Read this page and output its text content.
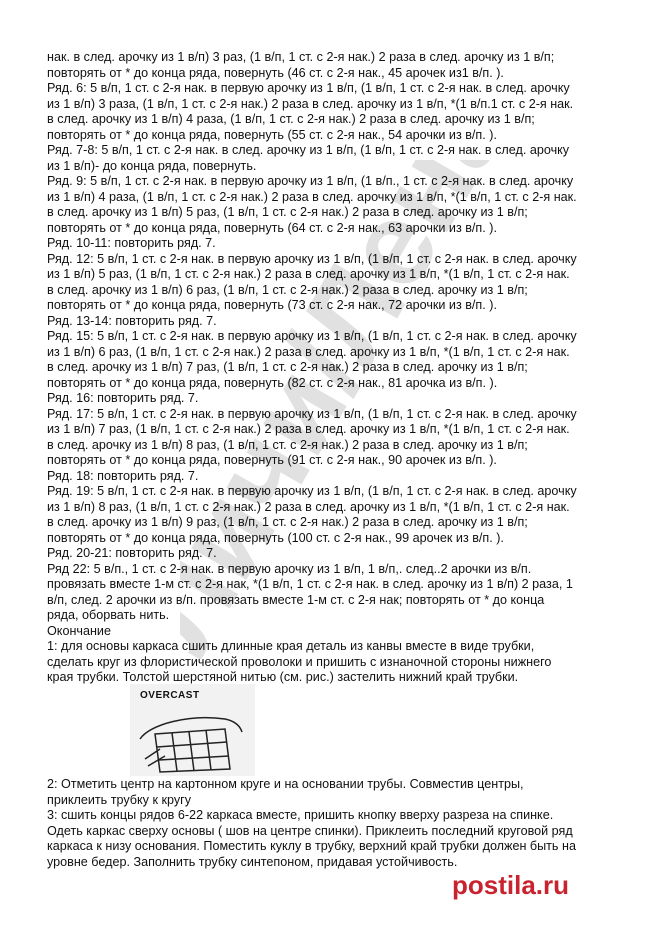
Личи/Лена

нак. в след. арочку из 1 в/п) 3 раз, (1 в/п, 1 ст. с 2-я нак.) 2 раза в след. арочку из 1 в/п;

повторять от * до конца ряда, повернуть (46 ст. с 2-я нак., 45 арочек из1 в/п. ).

Ряд. 6: 5 в/п, 1 ст. с 2-я нак. в первую арочку из 1 в/п, (1 в/п, 1 ст. с 2-я нак. в след. арочку

из 1 в/п) 3 раза, (1 в/п, 1 ст. с 2-я нак.) 2 раза в след. арочку из 1 в/п, *(1 в/п.1 ст. с 2-я нак.

в след. арочку из 1 в/п) 4 раза, (1 в/п, 1 ст. с 2-я нак.) 2 раза в след. арочку из 1 в/п;

повторять от * до конца ряда, повернуть (55 ст. с 2-я нак., 54 арочки из в/п. ).

Ряд. 7-8: 5 в/п, 1 ст. с 2-я нак. в след. арочку из 1 в/п, (1 в/п, 1 ст. с 2-я нак. в след. арочку

из 1 в/п)- до конца ряда, повернуть.

Ряд. 9: 5 в/п, 1 ст. с 2-я нак. в первую арочку из 1 в/п, (1 в/п., 1 ст. с 2-я нак. в след. арочку

из 1 в/п) 4 раза, (1 в/п, 1 ст. с 2-я нак.) 2 раза в след. арочку из 1 в/п, *(1 в/п, 1 ст. с 2-я нак.

в след. арочку из 1 в/п) 5 раз, (1 в/п, 1 ст. с 2-я нак.) 2 раза в след. арочку из 1 в/п;

повторять от * до конца ряда, повернуть (64 ст. с 2-я нак., 63 арочки из в/п. ).

Ряд. 10-11: повторить ряд. 7.

Ряд. 12: 5 в/п, 1 ст. с 2-я нак. в первую арочку из 1 в/п, (1 в/п, 1 ст. с 2-я нак. в след. арочку

из 1 в/п) 5 раз, (1 в/п, 1 ст. с 2-я нак.) 2 раза в след. арочку из 1 в/п, *(1 в/п, 1 ст. с 2-я нак.

в след. арочку из 1 в/п) 6 раз, (1 в/п, 1 ст. с 2-я нак.) 2 раза в след. арочку из 1 в/п;

повторять от * до конца ряда, повернуть (73 ст. с 2-я нак., 72 арочки из в/п. ).

Ряд. 13-14: повторить ряд. 7.

Ряд. 15: 5 в/п, 1 ст. с 2-я нак. в первую арочку из 1 в/п, (1 в/п, 1 ст. с 2-я нак. в след. арочку

из 1 в/п) 6 раз, (1 в/п, 1 ст. с 2-я нак.) 2 раза в след. арочку из 1 в/п, *(1 в/п, 1 ст. с 2-я нак.

в след. арочку из 1 в/п) 7 раз, (1 в/п, 1 ст. с 2-я нак.) 2 раза в след. арочку из 1 в/п;

повторять от * до конца ряда, повернуть (82 ст. с 2-я нак., 81 арочка из в/п. ).

Ряд. 16: повторить ряд. 7.

Ряд. 17: 5 в/п, 1 ст. с 2-я нак. в первую арочку из 1 в/п, (1 в/п, 1 ст. с 2-я нак. в след. арочку

из 1 в/п) 7 раз, (1 в/п, 1 ст. с 2-я нак.) 2 раза в след. арочку из 1 в/п, *(1 в/п, 1 ст. с 2-я нак.

в след. арочку из 1 в/п) 8 раз, (1 в/п, 1 ст. с 2-я нак.) 2 раза в след. арочку из 1 в/п;

повторять от * до конца ряда, повернуть (91 ст. с 2-я нак., 90 арочек из в/п. ).

Ряд. 18: повторить ряд. 7.

Ряд. 19: 5 в/п, 1 ст. с 2-я нак. в первую арочку из 1 в/п, (1 в/п, 1 ст. с 2-я нак. в след. арочку

из 1 в/п) 8 раз, (1 в/п, 1 ст. с 2-я нак.) 2 раза в след. арочку из 1 в/п, *(1 в/п, 1 ст. с 2-я нак.

в след. арочку из 1 в/п) 9 раз, (1 в/п, 1 ст. с 2-я нак.) 2 раза в след. арочку из 1 в/п;

повторять от * до конца ряда, повернуть (100 ст. с 2-я нак., 99 арочек из в/п. ).

Ряд. 20-21: повторить ряд. 7.

Ряд 22: 5 в/п., 1 ст. с 2-я нак. в первую арочку из 1 в/п, 1 в/п,. след..2 арочки из в/п.

провязать вместе 1-м ст. с 2-я нак, *(1 в/п, 1 ст. с 2-я нак. в след. арочку из 1 в/п) 2 раза, 1

в/п, след. 2 арочки из в/п. провязать вместе 1-м ст. с 2-я нак; повторять от * до конца

ряда, оборвать нить.

Окончание

1: для основы каркаса сшить длинные края деталь из канвы вместе в виде трубки,

сделать круг из флористической проволоки и пришить с изнаночной стороны нижнего

края трубки. Толстой шерстяной нитью (см. рис.) застелить нижний край трубки.

OVERCAST

2: Отметить центр на картонном круге и на основании трубы. Совместив центры,

приклеить трубку к кругу

3: сшить концы рядов 6-22 каркаса вместе, пришить кнопку вверху разреза на спинке.

Одеть каркас сверху основы ( шов на центре спинки). Приклеить последний круговой ряд

каркаса к низу основания. Поместить куклу в трубку, верхний край трубки должен быть на

уровне бедер. Заполнить трубку синтепоном, придавая устойчивость.

postila.ru
